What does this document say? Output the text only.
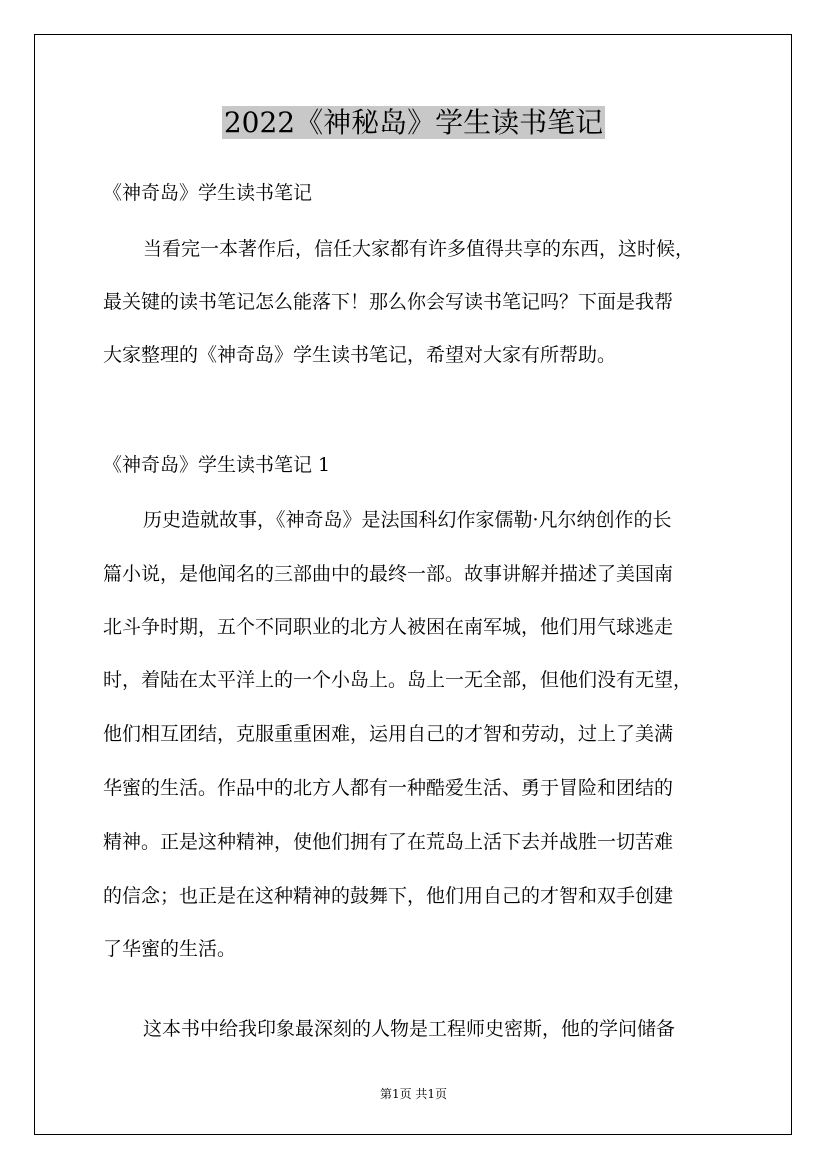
2022《神秘岛》学生读书笔记
《神奇岛》学生读书笔记
当看完一本著作后，信任大家都有许多值得共享的东西，这时候，
最关键的读书笔记怎么能落下！那么你会写读书笔记吗？下面是我帮
大家整理的《神奇岛》学生读书笔记，希望对大家有所帮助。
《神奇岛》学生读书笔记 1
历史造就故事，《神奇岛》是法国科幻作家儒勒·凡尔纳创作的长
篇小说，是他闻名的三部曲中的最终一部。故事讲解并描述了美国南
北斗争时期，五个不同职业的北方人被困在南军城，他们用气球逃走
时，着陆在太平洋上的一个小岛上。岛上一无全部，但他们没有无望，
他们相互团结，克服重重困难，运用自己的才智和劳动，过上了美满
华蜜的生活。作品中的北方人都有一种酷爱生活、勇于冒险和团结的
精神。正是这种精神，使他们拥有了在荒岛上活下去并战胜一切苦难
的信念；也正是在这种精神的鼓舞下，他们用自己的才智和双手创建
了华蜜的生活。
这本书中给我印象最深刻的人物是工程师史密斯，他的学问储备
第1页 共1页
